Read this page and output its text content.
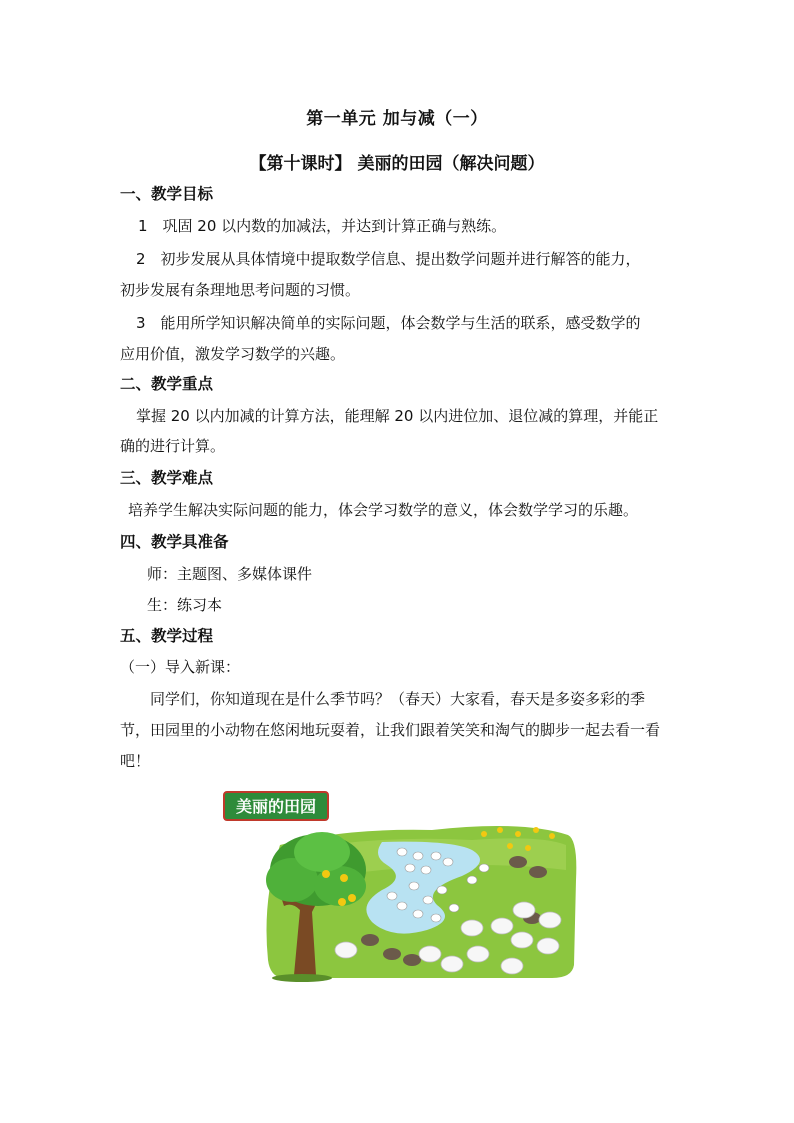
第一单元 加与减（一）
【第十课时】 美丽的田园（解决问题）
一、教学目标
1　巩固 20 以内数的加减法，并达到计算正确与熟练。
2　初步发展从具体情境中提取数学信息、提出数学问题并进行解答的能力，
初步发展有条理地思考问题的习惯。
3　能用所学知识解决简单的实际问题，体会数学与生活的联系，感受数学的
应用价值，激发学习数学的兴趣。
二、教学重点
掌握 20 以内加减的计算方法，能理解 20 以内进位加、退位减的算理，并能正
确的进行计算。
三、教学难点
培养学生解决实际问题的能力，体会学习数学的意义，体会数学学习的乐趣。
四、教学具准备
师：主题图、多媒体课件
生：练习本
五、教学过程
（一）导入新课：
同学们，你知道现在是什么季节吗？（春天）大家看，春天是多姿多彩的季
节，田园里的小动物在悠闲地玩耍着，让我们跟着笑笑和淘气的脚步一起去看一看
吧！
美丽的田园
